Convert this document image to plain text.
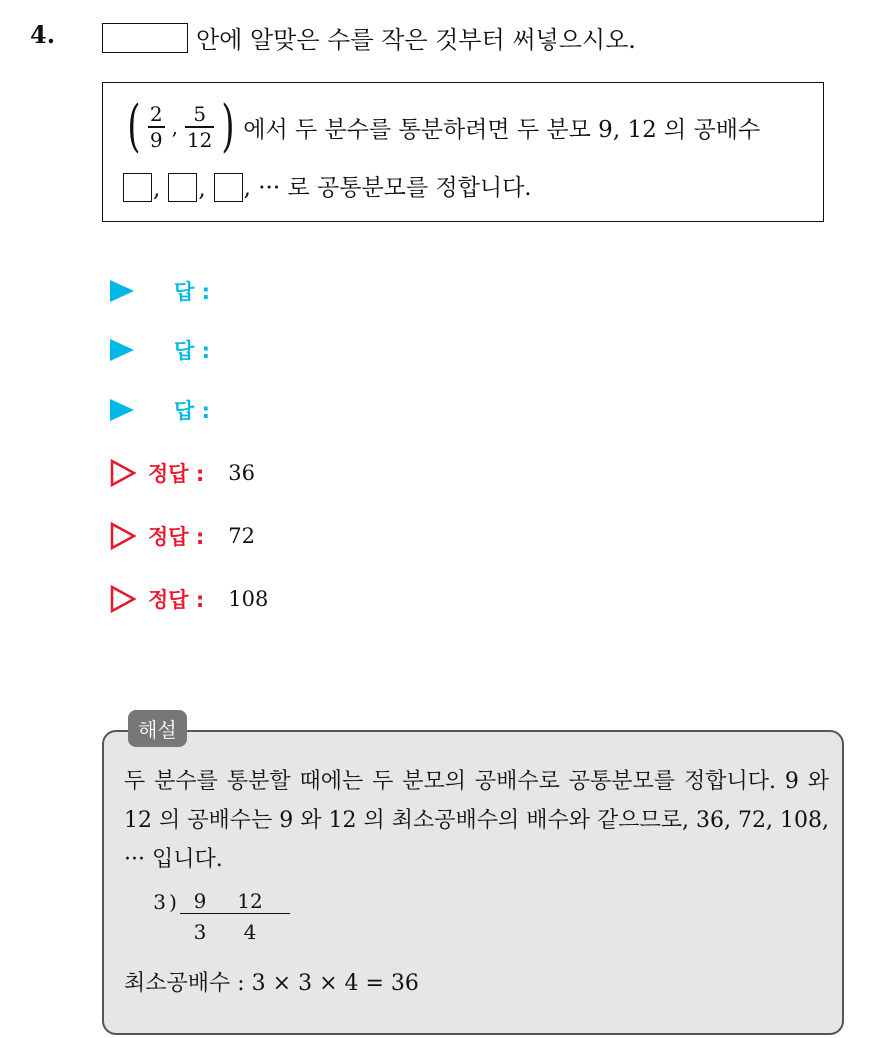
4.	안에 알맞은 수를 작은 것부터 써넣으시오.
( $\frac{2}{9}$ , $\frac{5}{12}$ ) 에서 두 분수를 통분하려면 두 분모 9, 12 의 공배수
, , , ··· 로 공통분모를 정합니다.
답 :
답 :
답 :
정답 : 36
정답 : 72
정답 : 108
두 분수를 통분할 때에는 두 분모의 공배수로 공통분모를 정합니다. 9 와 12 의 공배수는 9 와 12 의 최소공배수의 배수와 같으므로, 36, 72, 108, ··· 입니다.
3 ) 9	12
3	4
최소공배수 : 3 × 3 × 4 = 36
해설
